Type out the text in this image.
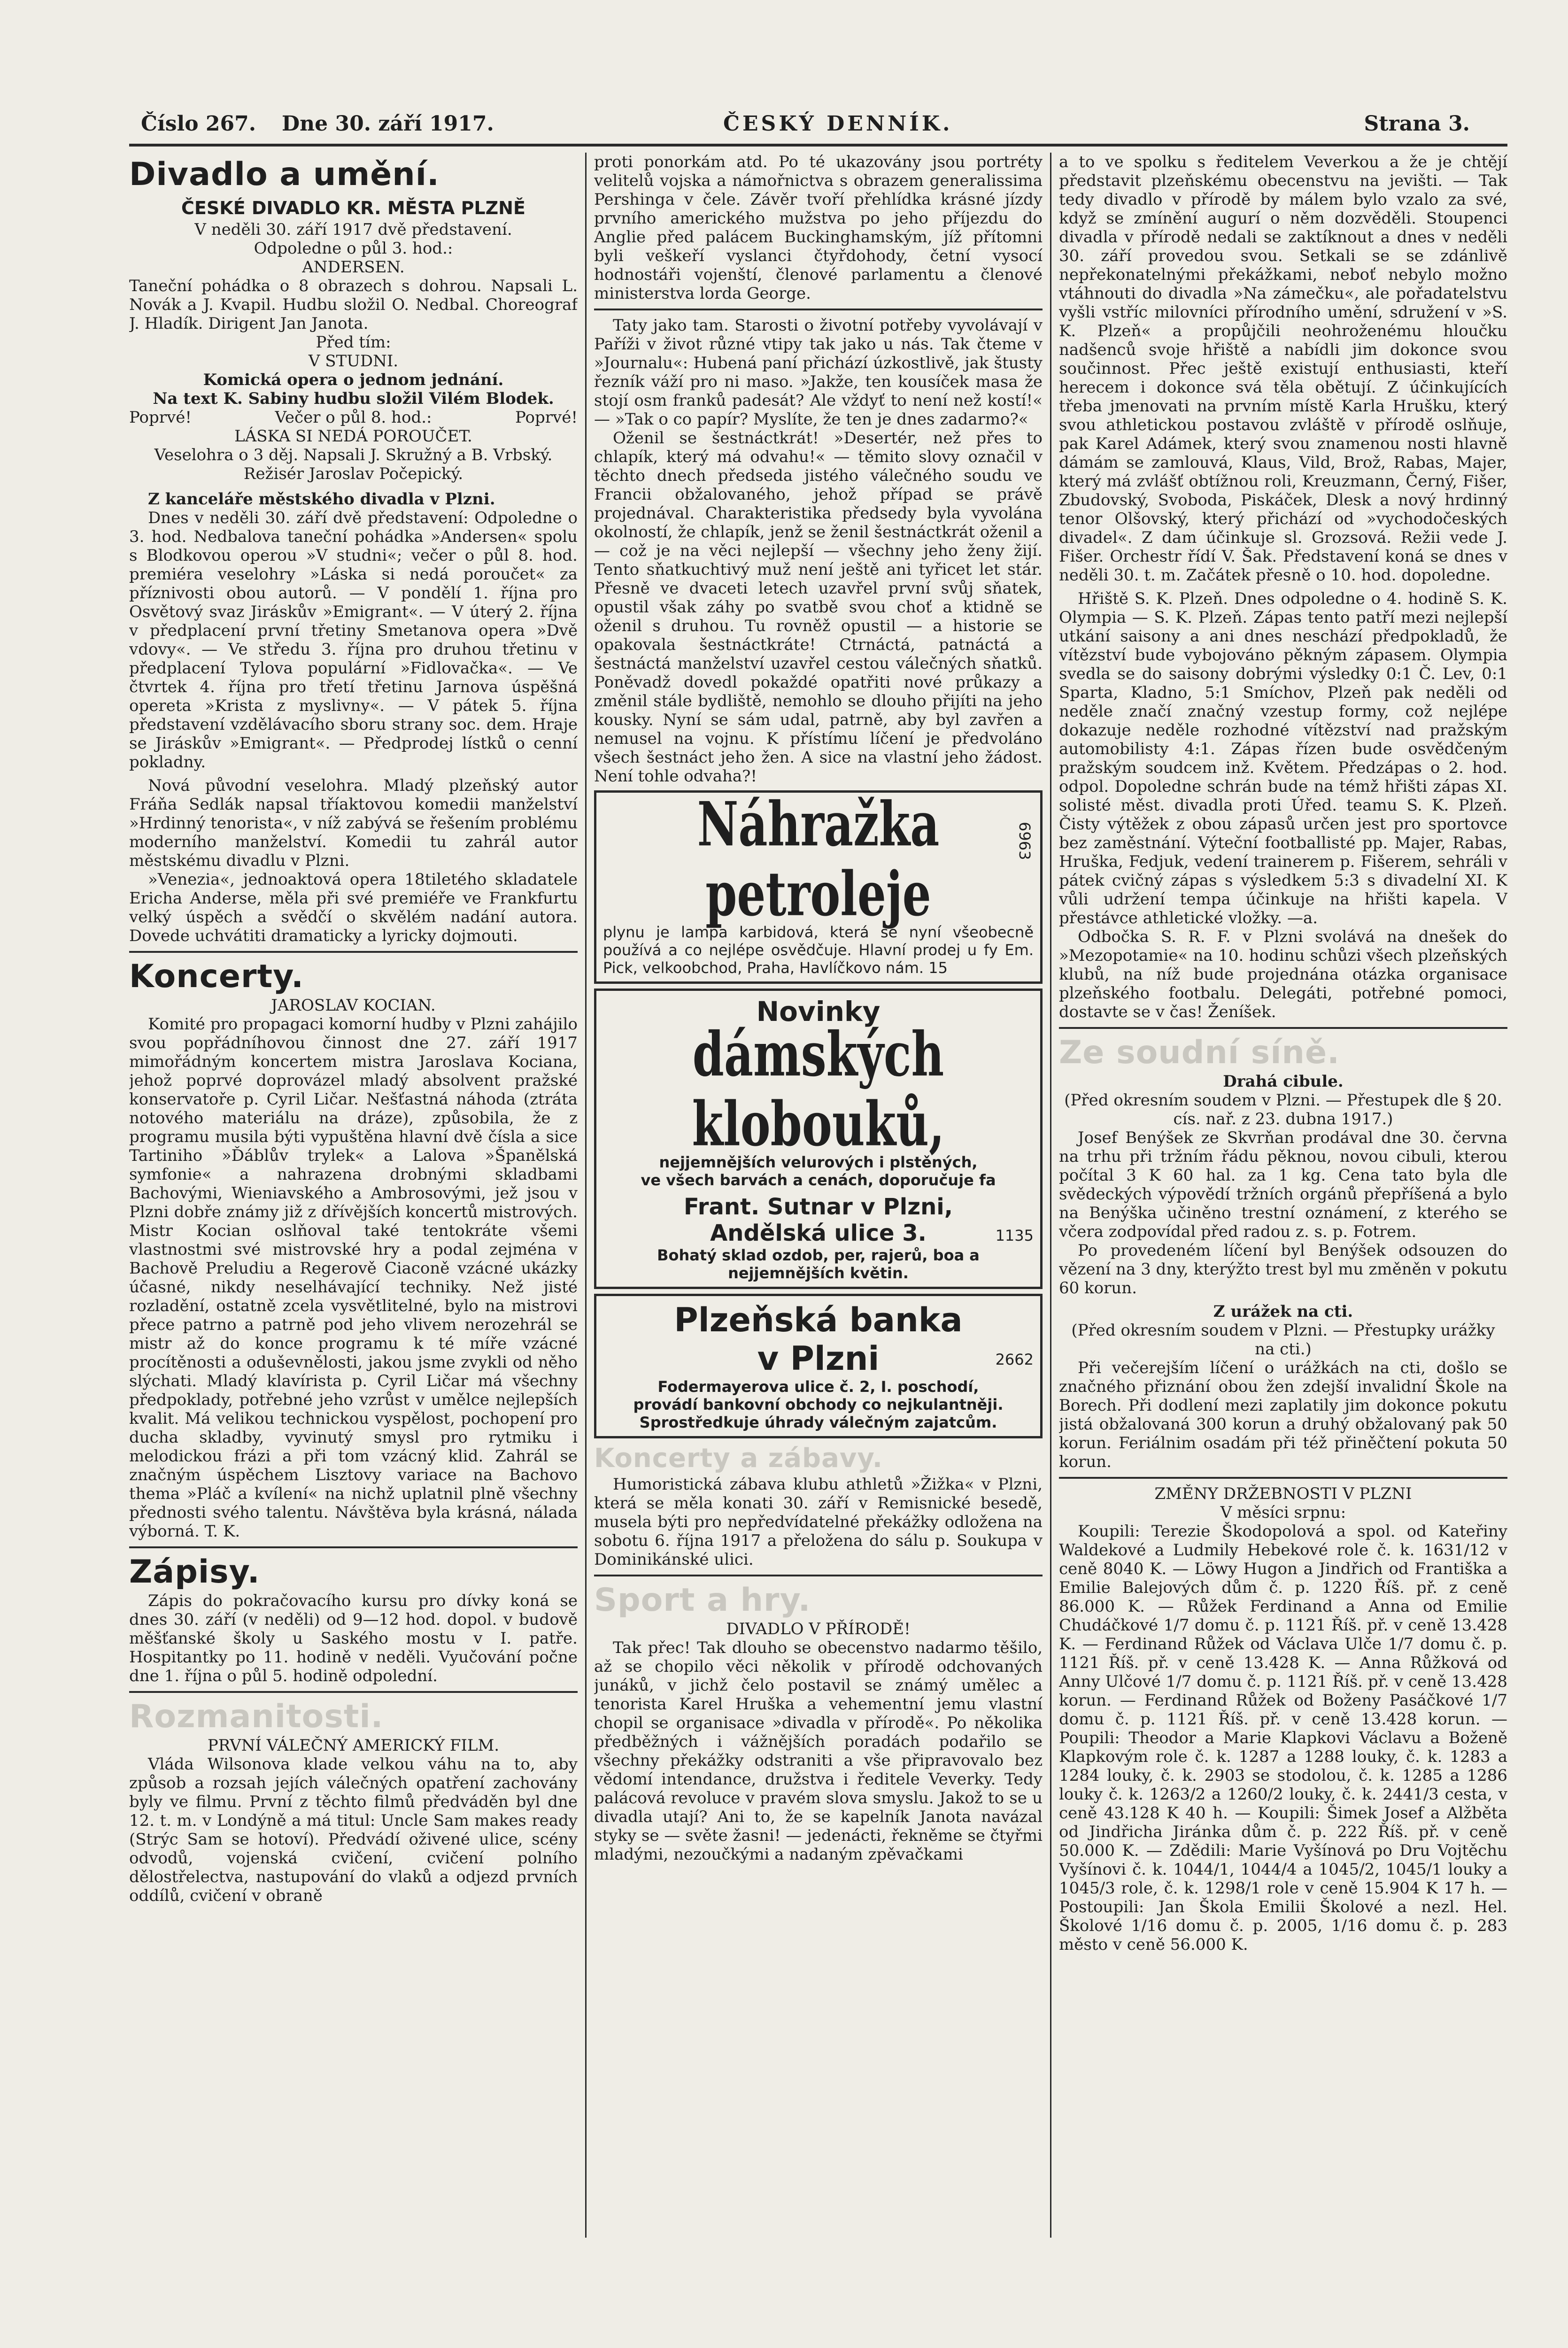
Číslo 267. Dne 30. září 1917.	ČESKÝ DENNÍK.	Strana 3.
Divadlo a umění.
ČESKÉ DIVADLO KR. MĚSTA PLZNĚ

V neděli 30. září 1917 dvě představení.

Odpoledne o půl 3. hod.:

ANDERSEN.

Taneční pohádka o 8 obrazech s dohrou. Napsali L. Novák a J. Kvapil. Hudbu složil O. Nedbal. Choreograf J. Hladík. Dirigent Jan Janota.

Před tím:

V STUDNI.

Komická opera o jednom jednání.

Na text K. Sabiny hudbu složil Vilém Blodek.

Poprvé!	Večer o půl 8. hod.:	Poprvé!

LÁSKA SI NEDÁ POROUČET.

Veselohra o 3 děj. Napsali J. Skružný a B. Vrbský. Režisér Jaroslav Počepický.

Z kanceláře městského divadla v Plzni.

Dnes v neděli 30. září dvě představení: Odpoledne o 3. hod. Nedbalova taneční pohádka »Andersen« spolu s Blodkovou operou »V studni«; večer o půl 8. hod. premiéra veselohry »Láska si nedá poroučet« za příznivosti obou autorů. — V pondělí 1. října pro Osvětový svaz Jiráskův »Emigrant«. — V úterý 2. října v předplacení první třetiny Smetanova opera »Dvě vdovy«. — Ve středu 3. října pro druhou třetinu v předplacení Tylova populární »Fidlovačka«. — Ve čtvrtek 4. října pro třetí třetinu Jarnova úspěšná opereta »Krista z myslivny«. — V pátek 5. října představení vzdělávacího sboru strany soc. dem. Hraje se Jiráskův »Emigrant«. — Předprodej lístků o cenní pokladny.

Nová původní veselohra. Mladý plzeňský autor Fráňa Sedlák napsal tříaktovou komedii manželství »Hrdinný tenorista«, v níž zabývá se řešením problému moderního manželství. Komedii tu zahrál autor městskému divadlu v Plzni.

»Venezia«, jednoaktová opera 18tiletého skladatele Ericha Anderse, měla při své premiéře ve Frankfurtu velký úspěch a svědčí o skvělém nadání autora. Dovede uchvátiti dramaticky a lyricky dojmouti.

Koncerty.

JAROSLAV KOCIAN.

Komité pro propagaci komorní hudby v Plzni zahájilo svou popřádníhovou činnost dne 27. září 1917 mimořádným koncertem mistra Jaroslava Kociana, jehož poprvé doprovázel mladý absolvent pražské konservatoře p. Cyril Ličar. Nešťastná náhoda (ztráta notového materiálu na dráze), způsobila, že z programu musila býti vypuštěna hlavní dvě čísla a sice Tartiniho »Ďáblův trylek« a Lalova »Španělská symfonie« a nahrazena drobnými skladbami Bachovými, Wieniavského a Ambrosovými, jež jsou v Plzni dobře známy již z dřívějších koncertů mistrových. Mistr Kocian oslňoval také tentokráte všemi vlastnostmi své mistrovské hry a podal zejména v Bachově Preludiu a Regerově Ciaconě vzácné ukázky účasné, nikdy neselhávající techniky. Než jisté rozladění, ostatně zcela vysvětlitelné, bylo na mistrovi přece patrno a patrně pod jeho vlivem nerozehrál se mistr až do konce programu k té míře vzácné procítěnosti a oduševnělosti, jakou jsme zvykli od něho slýchati. Mladý klavírista p. Cyril Ličar má všechny předpoklady, potřebné jeho vzrůst v umělce nejlepších kvalit. Má velikou technickou vyspělost, pochopení pro ducha skladby, vyvinutý smysl pro rytmiku i melodickou frázi a při tom vzácný klid. Zahrál se značným úspěchem Lisztovy variace na Bachovo thema »Pláč a kvílení« na nichž uplatnil plně všechny přednosti svého talentu. Návštěva byla krásná, nálada výborná. T. K.

Zápisy.

Zápis do pokračovacího kursu pro dívky koná se dnes 30. září (v neděli) od 9—12 hod. dopol. v budově měšťanské školy u Saského mostu v I. patře. Hospitantky po 11. hodině v neděli. Vyučování počne dne 1. října o půl 5. hodině odpolední.

Rozmanitosti.

PRVNÍ VÁLEČNÝ AMERICKÝ FILM.

Vláda Wilsonova klade velkou váhu na to, aby způsob a rozsah jejích válečných opatření zachovány byly ve filmu. První z těchto filmů předváděn byl dne 12. t. m. v Londýně a má titul: Uncle Sam makes ready (Strýc Sam se hotoví). Předvádí oživené ulice, scény odvodů, vojenská cvičení, cvičení polního dělostřelectva, nastupování do vlaků a odjezd prvních oddílů, cvičení v obraně

proti ponorkám atd. Po té ukazovány jsou portréty velitelů vojska a námořnictva s obrazem generalissima Pershinga v čele. Závěr tvoří přehlídka krásné jízdy prvního amerického mužstva po jeho příjezdu do Anglie před palácem Buckinghamským, jíž přítomni byli veškeří vyslanci čtyřdohody, četní vysocí hodnostáři vojenští, členové parlamentu a členové ministerstva lorda George.

Taty jako tam. Starosti o životní potřeby vyvolávají v Paříži v život různé vtipy tak jako u nás. Tak čteme v »Journalu«: Hubená paní přichází úzkostlivě, jak štusty řezník váží pro ni maso. »Jakže, ten kousíček masa že stojí osm franků padesát? Ale vždyť to není než kostí!« — »Tak o co papír? Myslíte, že ten je dnes zadarmo?«

Oženil se šestnáctkrát! »Desertér, než přes to chlapík, který má odvahu!« — těmito slovy označil v těchto dnech předseda jistého válečného soudu ve Francii obžalovaného, jehož případ se právě projednával. Charakteristika předsedy byla vyvolána okolností, že chlapík, jenž se ženil šestnáctkrát oženil a — což je na věci nejlepší — všechny jeho ženy žijí. Tento sňatkuchtivý muž není ještě ani tyřicet let stár. Přesně ve dvaceti letech uzavřel první svůj sňatek, opustil však záhy po svatbě svou choť a ktidně se oženil s druhou. Tu rovněž opustil — a historie se opakovala šestnáctkráte! Ctrnáctá, patnáctá a šestnáctá manželství uzavřel cestou válečných sňatků. Poněvadž dovedl pokaždé opatřiti nové průkazy a změnil stále bydliště, nemohlo se dlouho přijíti na jeho kousky. Nyní se sám udal, patrně, aby byl zavřen a nemusel na vojnu. K přístímu líčení je předvoláno všech šestnáct jeho žen. A sice na vlastní jeho žádost. Není tohle odvaha?!

Náhražka petroleje
6963

plynu je lampa karbidová, která se nyní všeobecně používá a co nejlépe osvědčuje. Hlavní prodej u fy Em. Pick, velkoobchod, Praha, Havlíčkovo nám. 15

Novinky
dámských klobouků,
nejjemnějších velurových i plstěných,
ve všech barvách a cenách, doporučuje fa
Frant. Sutnar v Plzni,
Andělská ulice 3.	1135
Bohatý sklad ozdob, per, rajerů, boa a nejjemnějších květin.
Plzeňská banka
v Plzni	2662
Fodermayerova ulice č. 2, I. poschodí,
provádí bankovní obchody co nejkulantněji.
Sprostředkuje úhrady válečným zajatcům.
Koncerty a zábavy.

Humoristická zábava klubu athletů »Žižka« v Plzni, která se měla konati 30. září v Remisnické besedě, musela býti pro nepředvídatelné překážky odložena na sobotu 6. října 1917 a přeložena do sálu p. Soukupa v Dominikánské ulici.

Sport a hry.

DIVADLO V PŘÍRODĚ!

Tak přec! Tak dlouho se obecenstvo nadarmo těšilo, až se chopilo věci několik v přírodě odchovaných junáků, v jichž čelo postavil se známý umělec a tenorista Karel Hruška a vehementní jemu vlastní chopil se organisace »divadla v přírodě«. Po několika předběžných i vážnějších poradách podařilo se všechny překážky odstraniti a vše připravovalo bez vědomí intendance, družstva i ředitele Veverky. Tedy palácová revoluce v pravém slova smyslu. Jakož to se u divadla utají? Ani to, že se kapelník Janota navázal styky se — světe žasni! — jedenácti, řekněme se čtyřmi mladými, nezoučkými a nadaným zpěvačkami

a to ve spolku s ředitelem Veverkou a že je chtějí představit plzeňskému obecenstvu na jevišti. — Tak tedy divadlo v přírodě by málem bylo vzalo za své, když se zmínění augurí o něm dozvěděli. Stoupenci divadla v přírodě nedali se zaktíknout a dnes v neděli 30. září provedou svou. Setkali se se zdánlivě nepřekonatelnými překážkami, neboť nebylo možno vtáhnouti do divadla »Na zámečku«, ale pořadatelstvu vyšli vstříc milovníci přírodního umění, sdružení v »S. K. Plzeň« a propůjčili neohroženému hloučku nadšenců svoje hřiště a nabídli jim dokonce svou součinnost. Přec ještě existují enthusiasti, kteří herecem i dokonce svá těla obětují. Z účinkujících třeba jmenovati na prvním místě Karla Hrušku, který svou athletickou postavou zvláště v přírodě oslňuje, pak Karel Adámek, který svou znamenou nosti hlavně dámám se zamlouvá, Klaus, Vild, Brož, Rabas, Majer, který má zvlášť obtížnou roli, Kreuzmann, Černý, Fišer, Zbudovský, Svoboda, Piskáček, Dlesk a nový hrdinný tenor Olšovský, který přichází od »vychodočeských divadel«. Z dam účinkuje sl. Grozsová. Režii vede J. Fišer. Orchestr řídí V. Šak. Představení koná se dnes v neděli 30. t. m. Začátek přesně o 10. hod. dopoledne.

Hřiště S. K. Plzeň. Dnes odpoledne o 4. hodině S. K. Olympia — S. K. Plzeň. Zápas tento patří mezi nejlepší utkání saisony a ani dnes neschází předpokladů, že vítězství bude vybojováno pěkným zápasem. Olympia svedla se do saisony dobrými výsledky 0:1 Č. Lev, 0:1 Sparta, Kladno, 5:1 Smíchov, Plzeň pak neděli od neděle značí značný vzestup formy, což nejlépe dokazuje neděle rozhodné vítězství nad pražským automobilisty 4:1. Zápas řízen bude osvědčeným pražským soudcem inž. Květem. Předzápas o 2. hod. odpol. Dopoledne schrán bude na témž hřišti zápas XI. solisté měst. divadla proti Úřed. teamu S. K. Plzeň. Čisty výtěžek z obou zápasů určen jest pro sportovce bez zaměstnání. Výteční footballisté pp. Majer, Rabas, Hruška, Fedjuk, vedení trainerem p. Fišerem, sehráli v pátek cvičný zápas s výsledkem 5:3 s divadelní XI. K vůli udržení tempa účinkuje na hřišti kapela. V přestávce athletické vložky. —a.

Odbočka S. R. F. v Plzni svolává na dnešek do »Mezopotamie« na 10. hodinu schůzi všech plzeňských klubů, na níž bude projednána otázka organisace plzeňského footbalu. Delegáti, potřebné pomoci, dostavte se v čas! Ženíšek.

Ze soudní síně.

Drahá cibule.

(Před okresním soudem v Plzni. — Přestupek dle § 20. cís. nař. z 23. dubna 1917.)

Josef Benýšek ze Skvrňan prodával dne 30. června na trhu při tržním řádu pěknou, novou cibuli, kterou počítal 3 K 60 hal. za 1 kg. Cena tato byla dle svědeckých výpovědí tržních orgánů přepříšená a bylo na Benýška učiněno trestní oznámení, z kterého se včera zodpovídal před radou z. s. p. Fotrem.

Po provedeném líčení byl Benýšek odsouzen do vězení na 3 dny, kterýžto trest byl mu změněn v pokutu 60 korun.

Z urážek na cti.

(Před okresním soudem v Plzni. — Přestupky urážky na cti.)

Při večerejším líčení o urážkách na cti, došlo se značného přiznání obou žen zdejší invalidní Škole na Borech. Při dodlení mezi zaplatily jim dokonce pokutu jistá obžalovaná 300 korun a druhý obžalovaný pak 50 korun. Feriálnim osadám při též přiněčtení pokuta 50 korun.

ZMĚNY DRŽEBNOSTI V PLZNI

V měsíci srpnu:

Koupili: Terezie Škodopolová a spol. od Kateřiny Waldekové a Ludmily Hebekové role č. k. 1631/12 v ceně 8040 K. — Löwy Hugon a Jindřich od Františka a Emilie Balejových dům č. p. 1220 Říš. př. z ceně 86.000 K. — Růžek Ferdinand a Anna od Emilie Chudáčkové 1/7 domu č. p. 1121 Říš. př. v ceně 13.428 K. — Ferdinand Růžek od Václava Ulče 1/7 domu č. p. 1121 Říš. př. v ceně 13.428 K. — Anna Růžková od Anny Ulčové 1/7 domu č. p. 1121 Říš. př. v ceně 13.428 korun. — Ferdinand Růžek od Boženy Pasáčkové 1/7 domu č. p. 1121 Říš. př. v ceně 13.428 korun. — Poupili: Theodor a Marie Klapkovi Václavu a Boženě Klapkovým role č. k. 1287 a 1288 louky, č. k. 1283 a 1284 louky, č. k. 2903 se stodolou, č. k. 1285 a 1286 louky č. k. 1263/2 a 1260/2 louky, č. k. 2441/3 cesta, v ceně 43.128 K 40 h. — Koupili: Šimek Josef a Alžběta od Jindřicha Jiránka dům č. p. 222 Říš. př. v ceně 50.000 K. — Zdědili: Marie Vyšínová po Dru Vojtěchu Vyšínovi č. k. 1044/1, 1044/4 a 1045/2, 1045/1 louky a 1045/3 role, č. k. 1298/1 role v ceně 15.904 K 17 h. — Postoupili: Jan Škola Emilii Školové a nezl. Hel. Školové 1/16 domu č. p. 2005, 1/16 domu č. p. 283 město v ceně 56.000 K.
